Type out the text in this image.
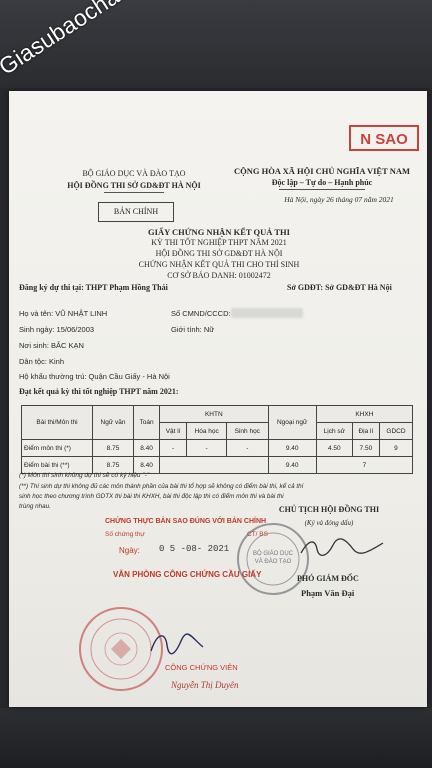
N SAO
BỘ GIÁO DỤC VÀ ĐÀO TẠO
HỘI ĐỒNG THI SỞ GD&ĐT HÀ NỘI
BẢN CHÍNH
CỘNG HÒA XÃ HỘI CHỦ NGHĨA VIỆT NAM
Độc lập – Tự do – Hạnh phúc
Hà Nội, ngày 26 tháng 07 năm 2021
GIẤY CHỨNG NHẬN KẾT QUẢ THI
KỲ THI TỐT NGHIỆP THPT NĂM 2021
HỘI ĐỒNG THI SỞ GD&ĐT HÀ NỘI
CHỨNG NHẬN KẾT QUẢ THI CHO THÍ SINH
CƠ SỞ BÁO DANH: 01002472
Đăng ký dự thi tại: THPT Phạm Hồng Thái	Sở GDĐT: Sở GD&ĐT Hà Nội
Họ và tên: VŨ NHẬT LINH	Số CMND/CCCD:
Sinh ngày: 15/06/2003	Giới tính: Nữ
Nơi sinh: BẮC KẠN
Dân tộc: Kinh
Hộ khẩu thường trú: Quận Cầu Giấy - Hà Nội
Đạt kết quả kỳ thi tốt nghiệp THPT năm 2021:
Bài thi/Môn thi	Ngữ văn	Toán	KHTN			Ngoại ngữ	KHXH		
			Vật lí	Hóa học	Sinh học		Lịch sử	Địa lí	GDCD
Điểm môn thi (*)	8.75	8.40	-	-	-	9.40	4.50	7.50	9
Điểm bài thi (**)	8.75	8.40				9.40	7		
(*) Môn thí sinh không dự thi sẽ có ký hiệu "-"
(**) Thí sinh dự thi không đủ các môn thành phần của bài thi tổ hợp sẽ không có điểm bài thi, kể cả thí
sinh học theo chương trình GDTX thi bài thi KHXH, bài thi độc lập thì có điểm môn thi và bài thi
trùng nhau.
CHỨNG THỰC BẢN SAO ĐÚNG VỚI BẢN CHÍNH
Số chứng thự	CT/ BS
Ngày: 0 5 -08- 2021
VĂN PHÒNG CÔNG CHỨNG CẦU GIẤY
CHỦ TỊCH HỘI ĐỒNG THI
(Ký và đóng dấu)
BỘ GIÁO DỤC
VÀ ĐÀO TẠO
PHÓ GIÁM ĐỐC
Phạm Văn Đại
CÔNG CHỨNG VIÊN
Nguyễn Thị Duyên
